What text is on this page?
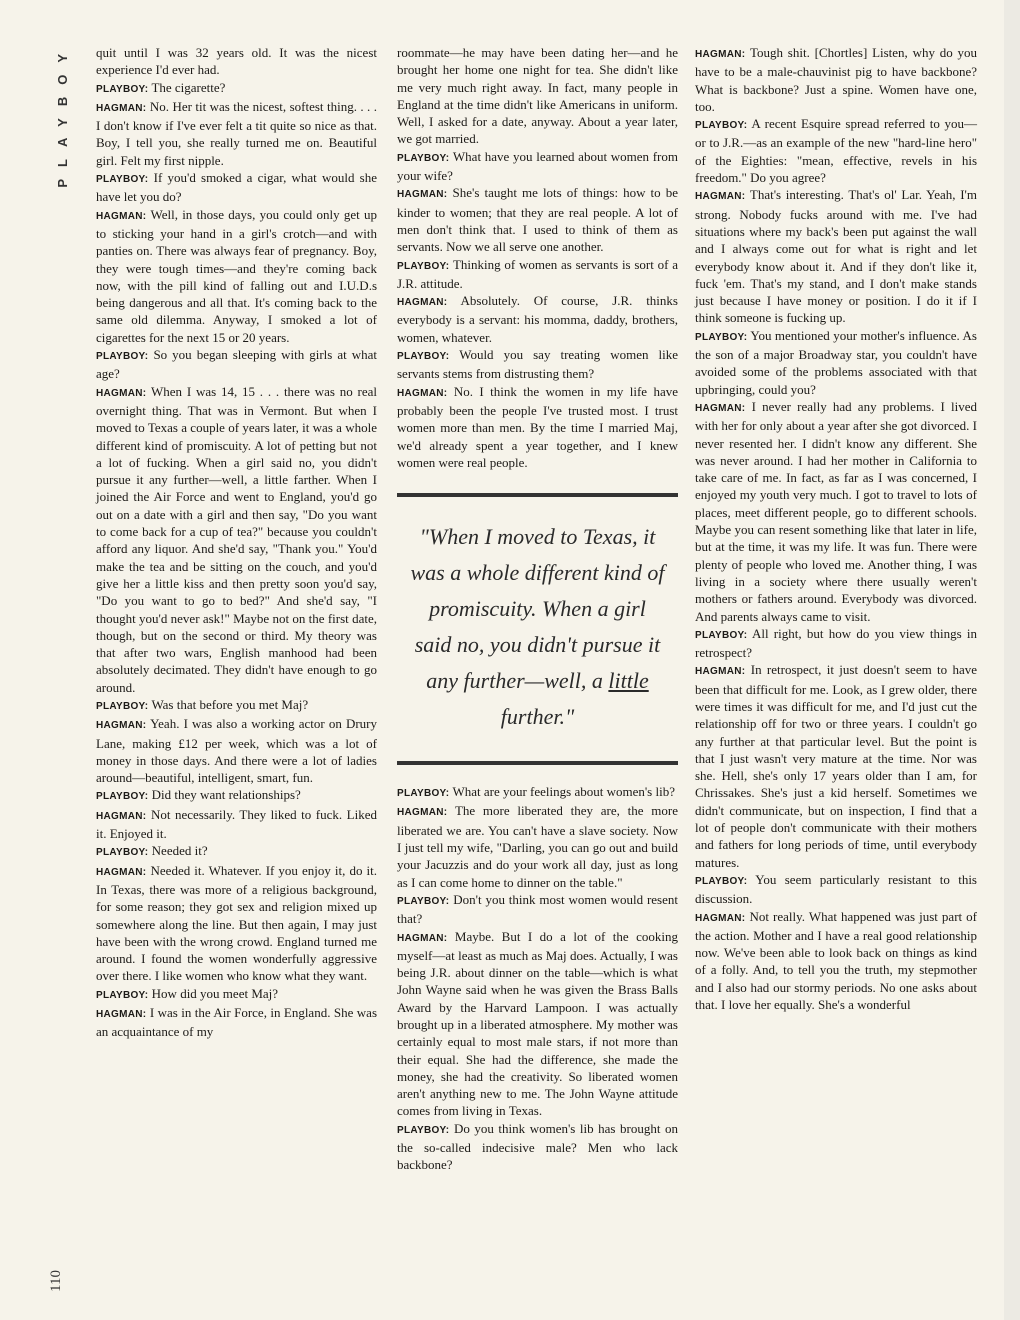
PLAYBOY
110

quit until I was 32 years old. It was the nicest experience I'd ever had.

PLAYBOY: The cigarette?

HAGMAN: No. Her tit was the nicest, softest thing. . . . I don't know if I've ever felt a tit quite so nice as that. Boy, I tell you, she really turned me on. Beautiful girl. Felt my first nipple.

PLAYBOY: If you'd smoked a cigar, what would she have let you do?

HAGMAN: Well, in those days, you could only get up to sticking your hand in a girl's crotch—and with panties on. There was always fear of pregnancy. Boy, they were tough times—and they're coming back now, with the pill kind of falling out and I.U.D.s being dangerous and all that. It's coming back to the same old dilemma. Anyway, I smoked a lot of cigarettes for the next 15 or 20 years.

PLAYBOY: So you began sleeping with girls at what age?

HAGMAN: When I was 14, 15 . . . there was no real overnight thing. That was in Vermont. But when I moved to Texas a couple of years later, it was a whole different kind of promiscuity. A lot of petting but not a lot of fucking. When a girl said no, you didn't pursue it any further—well, a little farther. When I joined the Air Force and went to England, you'd go out on a date with a girl and then say, "Do you want to come back for a cup of tea?" because you couldn't afford any liquor. And she'd say, "Thank you." You'd make the tea and be sitting on the couch, and you'd give her a little kiss and then pretty soon you'd say, "Do you want to go to bed?" And she'd say, "I thought you'd never ask!" Maybe not on the first date, though, but on the second or third. My theory was that after two wars, English manhood had been absolutely decimated. They didn't have enough to go around.

PLAYBOY: Was that before you met Maj?

HAGMAN: Yeah. I was also a working actor on Drury Lane, making £12 per week, which was a lot of money in those days. And there were a lot of ladies around—beautiful, intelligent, smart, fun.

PLAYBOY: Did they want relationships?

HAGMAN: Not necessarily. They liked to fuck. Liked it. Enjoyed it.

PLAYBOY: Needed it?

HAGMAN: Needed it. Whatever. If you enjoy it, do it. In Texas, there was more of a religious background, for some reason; they got sex and religion mixed up somewhere along the line. But then again, I may just have been with the wrong crowd. England turned me around. I found the women wonderfully aggressive over there. I like women who know what they want.

PLAYBOY: How did you meet Maj?

HAGMAN: I was in the Air Force, in England. She was an acquaintance of my

roommate—he may have been dating her—and he brought her home one night for tea. She didn't like me very much right away. In fact, many people in England at the time didn't like Americans in uniform. Well, I asked for a date, anyway. About a year later, we got married.

PLAYBOY: What have you learned about women from your wife?

HAGMAN: She's taught me lots of things: how to be kinder to women; that they are real people. A lot of men don't think that. I used to think of them as servants. Now we all serve one another.

PLAYBOY: Thinking of women as servants is sort of a J.R. attitude.

HAGMAN: Absolutely. Of course, J.R. thinks everybody is a servant: his momma, daddy, brothers, women, whatever.

PLAYBOY: Would you say treating women like servants stems from distrusting them?

HAGMAN: No. I think the women in my life have probably been the people I've trusted most. I trust women more than men. By the time I married Maj, we'd already spent a year together, and I knew women were real people.

"When I moved to Texas, it was a whole different kind of promiscuity. When a girl said no, you didn't pursue it any further—well, a little further."

PLAYBOY: What are your feelings about women's lib?

HAGMAN: The more liberated they are, the more liberated we are. You can't have a slave society. Now I just tell my wife, "Darling, you can go out and build your Jacuzzis and do your work all day, just as long as I can come home to dinner on the table."

PLAYBOY: Don't you think most women would resent that?

HAGMAN: Maybe. But I do a lot of the cooking myself—at least as much as Maj does. Actually, I was being J.R. about dinner on the table—which is what John Wayne said when he was given the Brass Balls Award by the Harvard Lampoon. I was actually brought up in a liberated atmosphere. My mother was certainly equal to most male stars, if not more than their equal. She had the difference, she made the money, she had the creativity. So liberated women aren't anything new to me. The John Wayne attitude comes from living in Texas.

PLAYBOY: Do you think women's lib has brought on the so-called indecisive male? Men who lack backbone?

HAGMAN: Tough shit. [Chortles] Listen, why do you have to be a male-chauvinist pig to have backbone? What is backbone? Just a spine. Women have one, too.

PLAYBOY: A recent Esquire spread referred to you—or to J.R.—as an example of the new "hard-line hero" of the Eighties: "mean, effective, revels in his freedom." Do you agree?

HAGMAN: That's interesting. That's ol' Lar. Yeah, I'm strong. Nobody fucks around with me. I've had situations where my back's been put against the wall and I always come out for what is right and let everybody know about it. And if they don't like it, fuck 'em. That's my stand, and I don't make stands just because I have money or position. I do it if I think someone is fucking up.

PLAYBOY: You mentioned your mother's influence. As the son of a major Broadway star, you couldn't have avoided some of the problems associated with that upbringing, could you?

HAGMAN: I never really had any problems. I lived with her for only about a year after she got divorced. I never resented her. I didn't know any different. She was never around. I had her mother in California to take care of me. In fact, as far as I was concerned, I enjoyed my youth very much. I got to travel to lots of places, meet different people, go to different schools. Maybe you can resent something like that later in life, but at the time, it was my life. It was fun. There were plenty of people who loved me. Another thing, I was living in a society where there usually weren't mothers or fathers around. Everybody was divorced. And parents always came to visit.

PLAYBOY: All right, but how do you view things in retrospect?

HAGMAN: In retrospect, it just doesn't seem to have been that difficult for me. Look, as I grew older, there were times it was difficult for me, and I'd just cut the relationship off for two or three years. I couldn't go any further at that particular level. But the point is that I just wasn't very mature at the time. Nor was she. Hell, she's only 17 years older than I am, for Chrissakes. She's just a kid herself. Sometimes we didn't communicate, but on inspection, I find that a lot of people don't communicate with their mothers and fathers for long periods of time, until everybody matures.

PLAYBOY: You seem particularly resistant to this discussion.

HAGMAN: Not really. What happened was just part of the action. Mother and I have a real good relationship now. We've been able to look back on things as kind of a folly. And, to tell you the truth, my stepmother and I also had our stormy periods. No one asks about that. I love her equally. She's a wonderful
